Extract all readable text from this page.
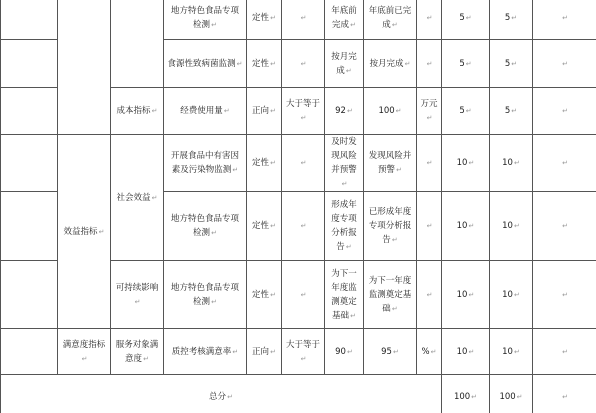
			地方特色食品专项检测↵	定性↵	↵	年底前完成↵	年底前已完成↵	↵	5↵	5↵	↵
			食源性致病菌监测↵	定性↵	↵	按月完成↵	按月完成↵	↵	5↵	5↵	↵
		成本指标↵	经费使用量↵	正向↵	大于等于↵	92↵	100↵	万元↵	5↵	5↵	↵
	效益指标↵	社会效益↵	开展食品中有害因素及污染物监测↵	定性↵	↵	及时发现风险并预警↵	发现风险并预警↵	↵	10↵	10↵	↵
			地方特色食品专项检测↵	定性↵	↵	形成年度专项分析报告↵	已形成年度专项分析报告↵	↵	10↵	10↵	↵
		可持续影响↵	地方特色食品专项检测↵	定性↵	↵	为下一年度监测奠定基础↵	为下一年度监测奠定基础↵	↵	10↵	10↵	↵
	满意度指标↵	服务对象满意度↵	质控考核满意率↵	正向↵	大于等于↵	90↵	95↵	%↵	10↵	10↵	↵
总分↵									100↵	100↵	↵
